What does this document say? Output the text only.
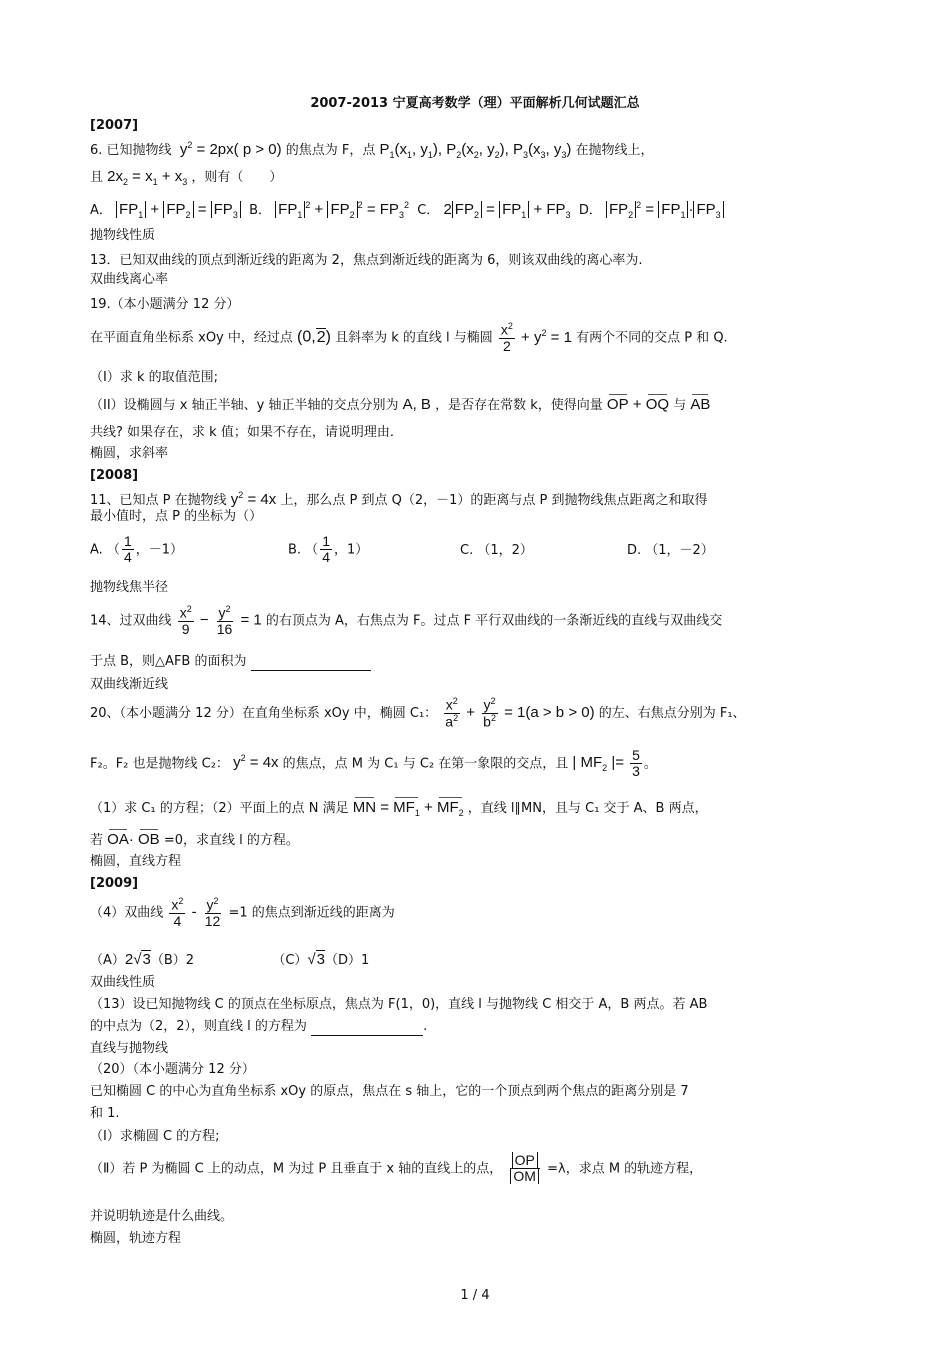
2007-2013 宁夏高考数学（理）平面解析几何试题汇总
[2007]
6. 已知抛物线  $y^2 = 2px$( p > 0) 的焦点为 F，点 $P_1(x_1$, $y_1$), $P_2(x_2$, $y_2$), $P_3(x_3$, $y_3$) 在抛物线上，
且 $2x_2 = x_1 + x_3$ ，则有（　　）
A． $FP_1 + FP_2 = FP_3$ B． $FP_1^2 + FP_2^2 = FP_3^2$ C． 2 $FP_2 = FP_1 + FP_3$ D． $FP_2^2 = FP_1 \cdot FP_3$
抛物线性质
13．已知双曲线的顶点到渐近线的距离为 2，焦点到渐近线的距离为 6，则该双曲线的离心率为.
双曲线离心率
19.（本小题满分 12 分）
在平面直角坐标系 xOy 中，经过点 (0,2) 且斜率为 k 的直线 l 与椭圆 $\frac{x^2}{2} + y^2 = 1$ 有两个不同的交点 P 和 Q.
（I）求 k 的取值范围;
（II）设椭圆与 x 轴正半轴、y 轴正半轴的交点分别为 A, B ，是否存在常数 k，使得向量 OP + OQ 与 AB
共线? 如果存在，求 k 值；如果不存在，请说明理由.
椭圆，求斜率
[2008]
11、已知点 P 在抛物线 $y^2 = 4x$ 上，那么点 P 到点 Q（2，－1）的距离与点 P 到抛物线焦点距离之和取得
最小值时，点 P 的坐标为（）
A. （ $\frac{1}{4}$ ，－1）	B. （ $\frac{1}{4}$ ，1）	C. （1，2）	D. （1，－2）
抛物线焦半径
14、过双曲线 $\frac{x^2}{9} - \frac{y^2}{16} = 1$ 的右顶点为 A，右焦点为 F。过点 F 平行双曲线的一条渐近线的直线与双曲线交
于点 B，则△AFB 的面积为
双曲线渐近线
20、（本小题满分 12 分）在直角坐标系 xOy 中，椭圆 C₁： $\frac{x^2}{a^2} + \frac{y^2}{b^2} = 1(a > b > 0)$ 的左、右焦点分别为 F₁、
F₂。F₂ 也是抛物线 C₂： $y^2 = 4x$ 的焦点，点 M 为 C₁ 与 C₂ 在第一象限的交点，且 | $MF_2$ |= $\frac{5}{3}$ 。
（1）求 C₁ 的方程；（2）平面上的点 N 满足 MN = $MF_1 + MF_2$ ，直线 l∥MN，且与 C₁ 交于 A、B 两点，
若 OA· OB =0，求直线 l 的方程。
椭圆，直线方程
[2009]
（4）双曲线 $\frac{x^2}{4} - \frac{y^2}{12} =1$ 的焦点到渐近线的距离为
（A）2√3（B）2	（C）√3（D）1
双曲线性质
（13）设已知抛物线 C 的顶点在坐标原点，焦点为 F(1，0)，直线 l 与抛物线 C 相交于 A，B 两点。若 AB
的中点为（2，2），则直线 l 的方程为	.
直线与抛物线
（20）（本小题满分 12 分）
已知椭圆 C 的中心为直角坐标系 xOy 的原点，焦点在 s 轴上，它的一个顶点到两个焦点的距离分别是 7
和 1.
（Ⅰ）求椭圆 C 的方程;
（Ⅱ）若 P 为椭圆 C 上的动点，M 为过 P 且垂直于 x 轴的直线上的点， $\frac{OP}{OM} =\lambda$，求点 M 的轨迹方程，
并说明轨迹是什么曲线。
椭圆，轨迹方程
1 / 4
